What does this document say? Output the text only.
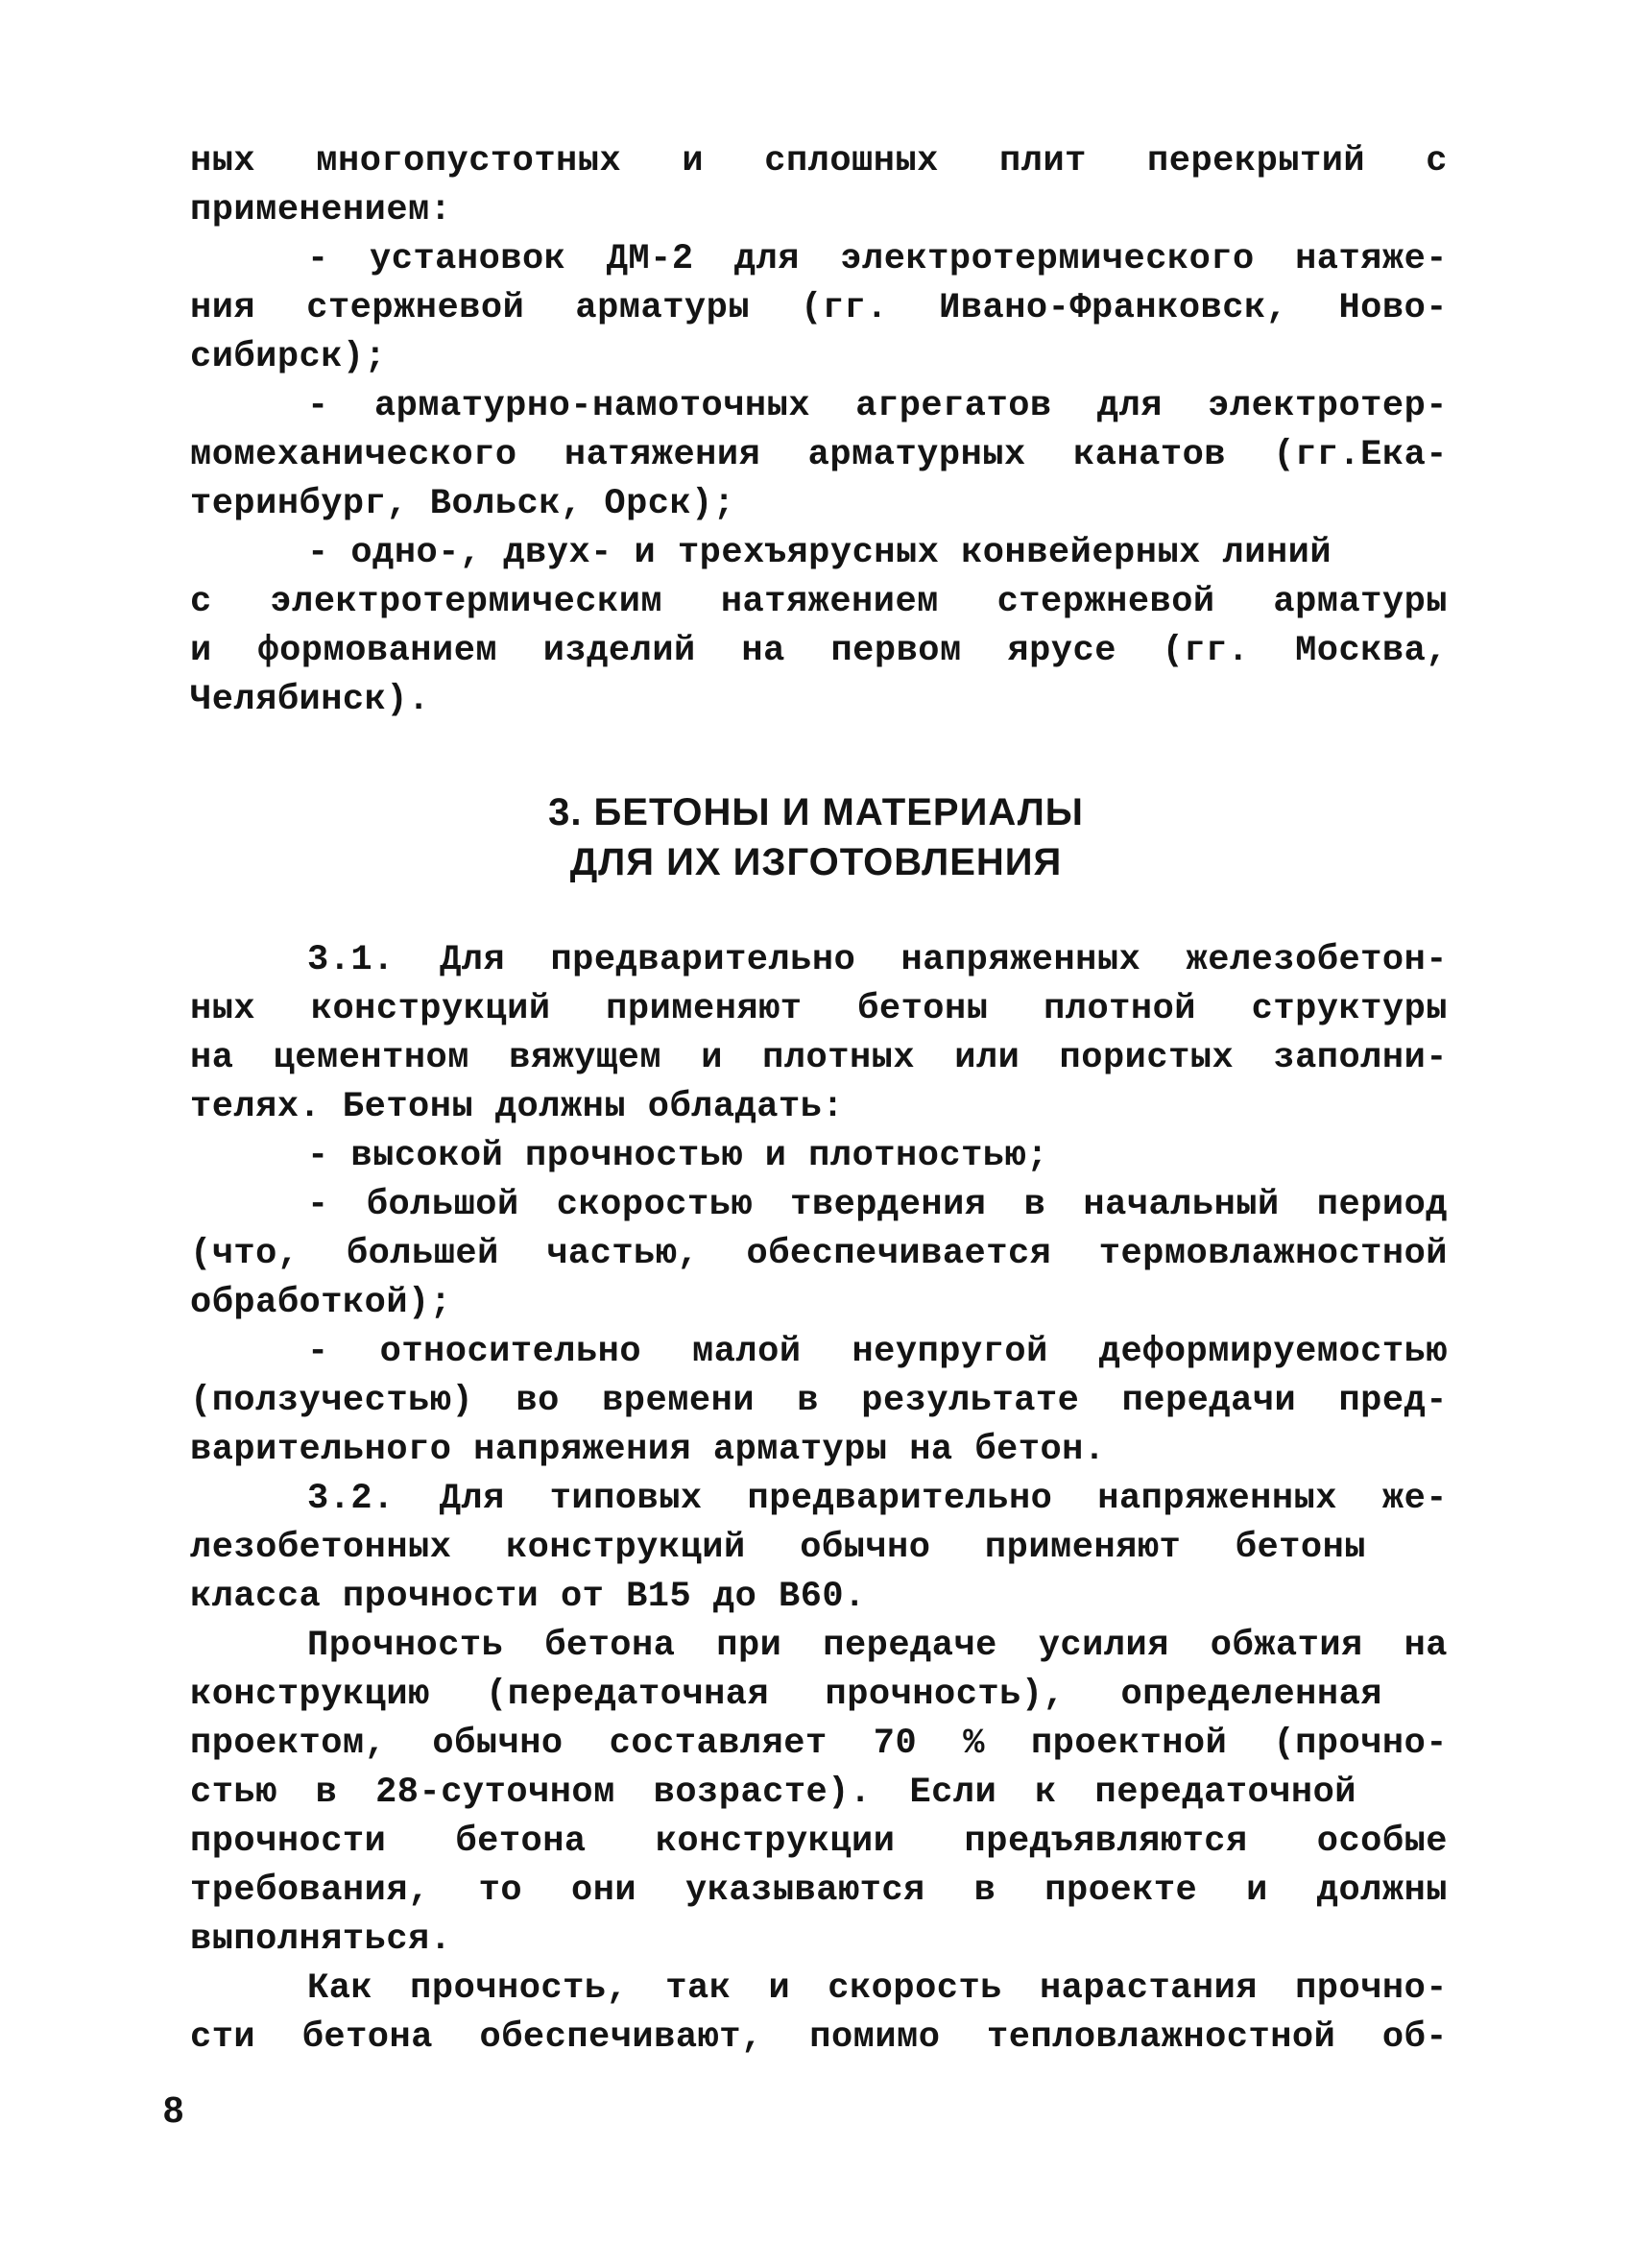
ных многопустотных и сплошных плит перекрытий с
применением:
- установок ДМ-2 для электротермического натяже-
ния стержневой арматуры (гг. Ивано-Франковск, Ново-
сибирск);
- арматурно-намоточных агрегатов для электротер-
момеханического натяжения арматурных канатов (гг.Ека-
теринбург, Вольск, Орск);
- одно-, двух- и трехъярусных конвейерных линий
с электротермическим натяжением стержневой арматуры
и формованием изделий на первом ярусе (гг. Москва,
Челябинск).
3. БЕТОНЫ И МАТЕРИАЛЫ
ДЛЯ ИХ ИЗГОТОВЛЕНИЯ
3.1. Для предварительно напряженных железобетон-
ных конструкций применяют бетоны плотной структуры
на цементном вяжущем и плотных или пористых заполни-
телях. Бетоны должны обладать:
- высокой прочностью и плотностью;
- большой скоростью твердения в начальный период
(что, большей частью, обеспечивается термовлажностной
обработкой);
- относительно малой неупругой деформируемостью
(ползучестью) во времени в результате передачи пред-
варительного напряжения арматуры на бетон.
3.2. Для типовых предварительно напряженных же-
лезобетонных конструкций обычно применяют бетоны
класса прочности от В15 до В60.
Прочность бетона при передаче усилия обжатия на
конструкцию (передаточная прочность), определенная
проектом, обычно составляет 70 % проектной (прочно-
стью в 28-суточном возрасте). Если к передаточной
прочности бетона конструкции предъявляются особые
требования, то они указываются в проекте и должны
выполняться.
Как прочность, так и скорость нарастания прочно-
сти бетона обеспечивают, помимо тепловлажностной об-
8
